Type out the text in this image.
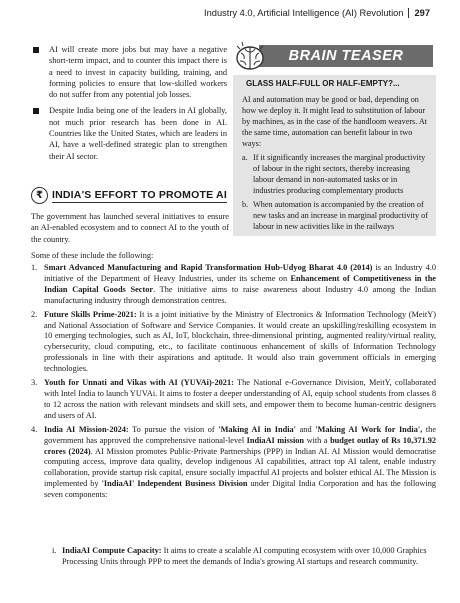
Industry 4.0, Artificial Intelligence (AI) Revolution	297
AI will create more jobs but may have a negative short-term impact, and to counter this impact there is a need to invest in capacity building, training, and forming policies to ensure that low-skilled workers do not suffer from any potential job losses.
Despite India being one of the leaders in AI globally, not much prior research has been done in AI. Countries like the United States, which are leaders in AI, have a well-defined strategic plan to strengthen their AI sector.
BRAIN TEASER
GLASS HALF-FULL OR HALF-EMPTY?...

AI and automation may be good or bad, depending on how we deploy it. It might lead to substitution of labour by machines, as in the case of the handloom weavers. At the same time, automation can benefit labour in two ways:

a. If it significantly increases the marginal productivity of labour in the right sectors, thereby increasing labour demand in non-automated tasks or in industries producing complementary products
b. When automation is accompanied by the creation of new tasks and an increase in marginal productivity of labour in new activities like in the railways
₹ INDIA'S EFFORT TO PROMOTE AI

The government has launched several initiatives to ensure an AI-enabled ecosystem and to connect AI to the youth of the country.

Some of these include the following:

1. Smart Advanced Manufacturing and Rapid Transformation Hub-Udyog Bharat 4.0 (2014) is an Industry 4.0 initiative of the Department of Heavy Industries, under its scheme on Enhancement of Competitiveness in the Indian Capital Goods Sector. The initiative aims to raise awareness about Industry 4.0 among the Indian manufacturing industry through demonstration centres.
2. Future Skills Prime-2021: It is a joint initiative by the Ministry of Electronics & Information Technology (MeitY) and National Association of Software and Service Companies. It would create an upskilling/reskilling ecosystem in 10 emerging technologies, such as AI, IoT, blockchain, three-dimensional printing, augmented reality/virtual reality, cybersecurity, cloud computing, etc., to facilitate continuous enhancement of skills of Information Technology professionals in line with their aspirations and aptitude. It would also train government officials in emerging technologies.
3. Youth for Unnati and Vikas with AI (YUVAi)-2021: The National e-Governance Division, MeitY, collaborated with Intel India to launch YUVAi. It aims to foster a deeper understanding of AI, equip school students from classes 8 to 12 across the nation with relevant mindsets and skill sets, and empower them to become human-centric designers and users of AI.
4. India AI Mission-2024: To pursue the vision of 'Making AI in India' and 'Making AI Work for India', the government has approved the comprehensive national-level IndiaAI mission with a budget outlay of Rs 10,371.92 crores (2024). AI Mission promotes Public-Private Partnerships (PPP) in Indian AI. AI Mission would democratise computing access, improve data quality, develop indigenous AI capabilities, attract top AI talent, enable industry collaboration, provide startup risk capital, ensure socially impactful AI projects and bolster ethical AI. The Mission is implemented by 'IndiaAI' Independent Business Division under Digital India Corporation and has the following seven components:
i. IndiaAI Compute Capacity: It aims to create a scalable AI computing ecosystem with over 10,000 Graphics Processing Units through PPP to meet the demands of India's growing AI startups and research community.
